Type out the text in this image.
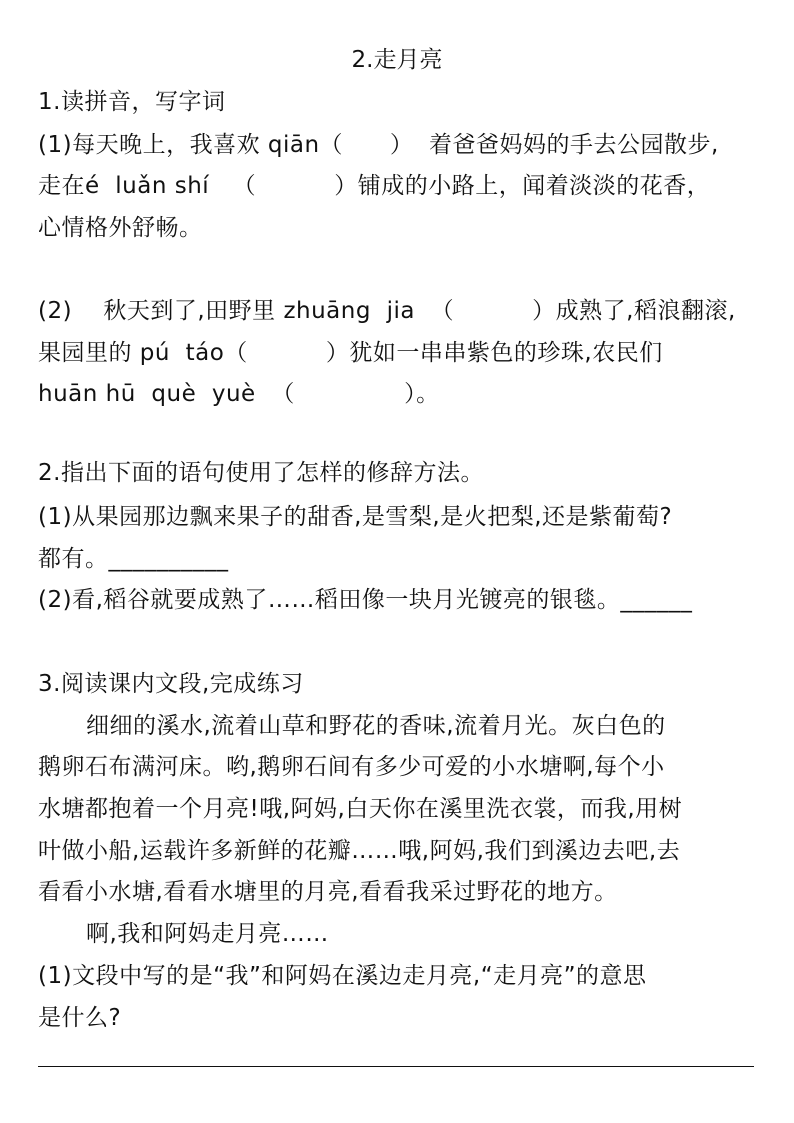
2.走月亮
1.读拼音，写字词
(1)每天晚上，我喜欢 qiān（      ）  着爸爸妈妈的手去公园散步,
走在é  luǎn shí   （          ）铺成的小路上，闻着淡淡的花香，
心情格外舒畅。
(2)    秋天到了,田野里 zhuāng  jia  （          ）成熟了,稻浪翻滚,
果园里的 pú  táo（          ）犹如一串串紫色的珍珠,农民们
huān hū  què  yuè  （              ）。
2.指出下面的语句使用了怎样的修辞方法。
(1)从果园那边飘来果子的甜香,是雪梨,是火把梨,还是紫葡萄?
都有。__________
(2)看,稻谷就要成熟了……稻田像一块月光镀亮的银毯。______
3.阅读课内文段,完成练习
细细的溪水,流着山草和野花的香味,流着月光。灰白色的
鹅卵石布满河床。哟,鹅卵石间有多少可爱的小水塘啊,每个小
水塘都抱着一个月亮!哦,阿妈,白天你在溪里洗衣裳，而我,用树
叶做小船,运载许多新鲜的花瓣……哦,阿妈,我们到溪边去吧,去
看看小水塘,看看水塘里的月亮,看看我采过野花的地方。
啊,我和阿妈走月亮……
(1)文段中写的是“我”和阿妈在溪边走月亮,“走月亮”的意思
是什么?
